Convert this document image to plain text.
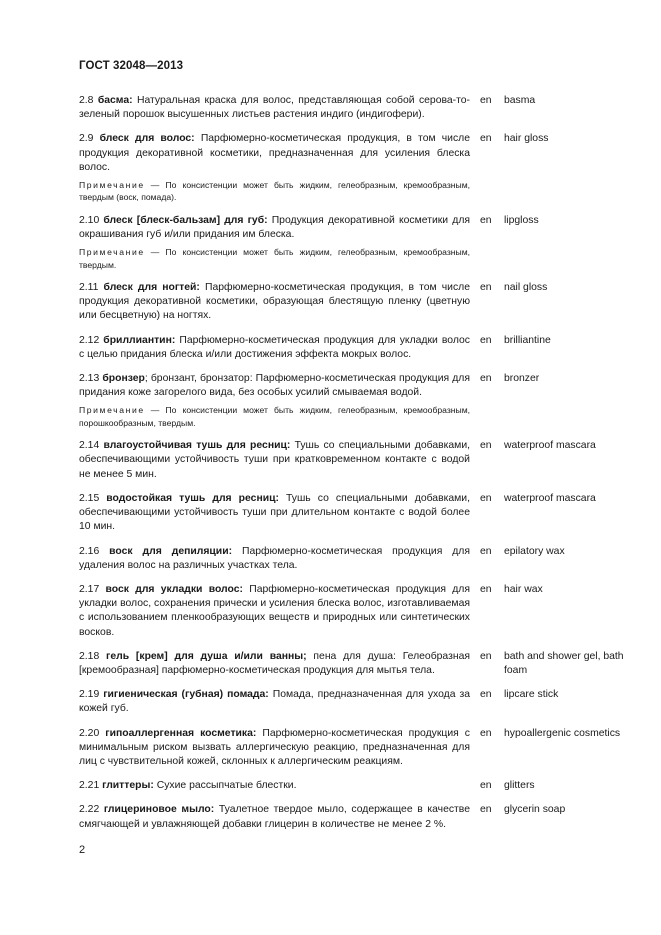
ГОСТ 32048—2013
2.8 басма: Натуральная краска для волос, представляющая собой серова-то-зеленый порошок высушенных листьев растения индиго (индигофери).
en basma
2.9 блеск для волос: Парфюмерно-косметическая продукция, в том числе продукция декоративной косметики, предназначенная для усиления блеска волос.
Примечание — По консистенции может быть жидким, гелеобразным, кремообразным, твердым (воск, помада).
en hair gloss
2.10 блеск [блеск-бальзам] для губ: Продукция декоративной косметики для окрашивания губ и/или придания им блеска.
Примечание — По консистенции может быть жидким, гелеобразным, кремообразным, твердым.
en lipgloss
2.11 блеск для ногтей: Парфюмерно-косметическая продукция, в том числе продукция декоративной косметики, образующая блестящую пленку (цветную или бесцветную) на ногтях.
en nail gloss
2.12 бриллиантин: Парфюмерно-косметическая продукция для укладки волос с целью придания блеска и/или достижения эффекта мокрых волос.
en brilliantine
2.13 бронзер; бронзант, бронзатор: Парфюмерно-косметическая продукция для придания коже загорелого вида, без особых усилий смываемая водой.
Примечание — По консистенции может быть жидким, гелеобразным, кремообразным, порошкообразным, твердым.
en bronzer
2.14 влагоустойчивая тушь для ресниц: Тушь со специальными добавками, обеспечивающими устойчивость туши при кратковременном контакте с водой не менее 5 мин.
en waterproof mascara
2.15 водостойкая тушь для ресниц: Тушь со специальными добавками, обеспечивающими устойчивость туши при длительном контакте с водой более 10 мин.
en waterproof mascara
2.16 воск для депиляции: Парфюмерно-косметическая продукция для удаления волос на различных участках тела.
en epilatory wax
2.17 воск для укладки волос: Парфюмерно-косметическая продукция для укладки волос, сохранения прически и усиления блеска волос, изготавливаемая с использованием пленкообразующих веществ и природных или синтетических восков.
en hair wax
2.18 гель [крем] для душа и/или ванны; пена для душа: Гелеобразная [кремообразная] парфюмерно-косметическая продукция для мытья тела.
en bath and shower gel, bath foam
2.19 гигиеническая (губная) помада: Помада, предназначенная для ухода за кожей губ.
en lipcare stick
2.20 гипоаллергенная косметика: Парфюмерно-косметическая продукция с минимальным риском вызвать аллергическую реакцию, предназначенная для лиц с чувствительной кожей, склонных к аллергическим реакциям.
en hypoallergenic cosmetics
2.21 глиттеры: Сухие рассыпчатые блестки.	en glitters
2.22 глицериновое мыло: Туалетное твердое мыло, содержащее в качестве смягчающей и увлажняющей добавки глицерин в количестве не менее 2 %.
en glycerin soap
2
